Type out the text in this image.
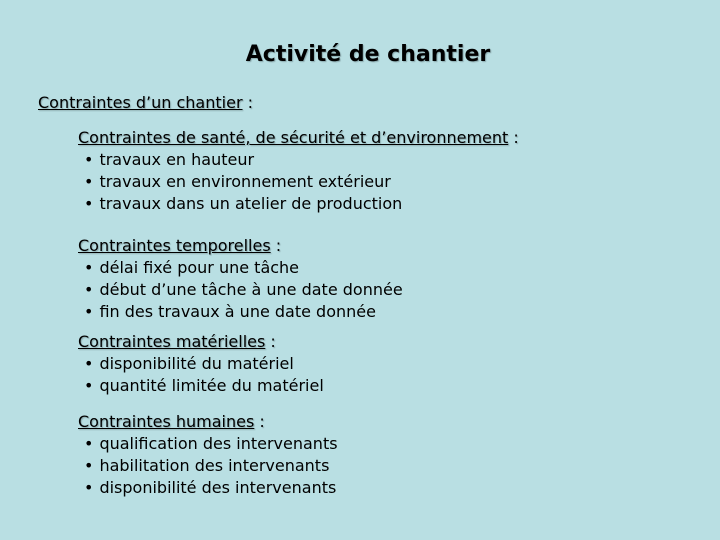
Activité de chantier
Contraintes d’un chantier :
Contraintes de santé, de sécurité et d’environnement :
• travaux en hauteur
• travaux en environnement extérieur
• travaux dans un atelier de production
Contraintes temporelles :
• délai fixé pour une tâche
• début d’une tâche à une date donnée
• fin des travaux à une date donnée
Contraintes matérielles :
• disponibilité du matériel
• quantité limitée du matériel
Contraintes humaines :
• qualification des intervenants
• habilitation des intervenants
• disponibilité des intervenants
